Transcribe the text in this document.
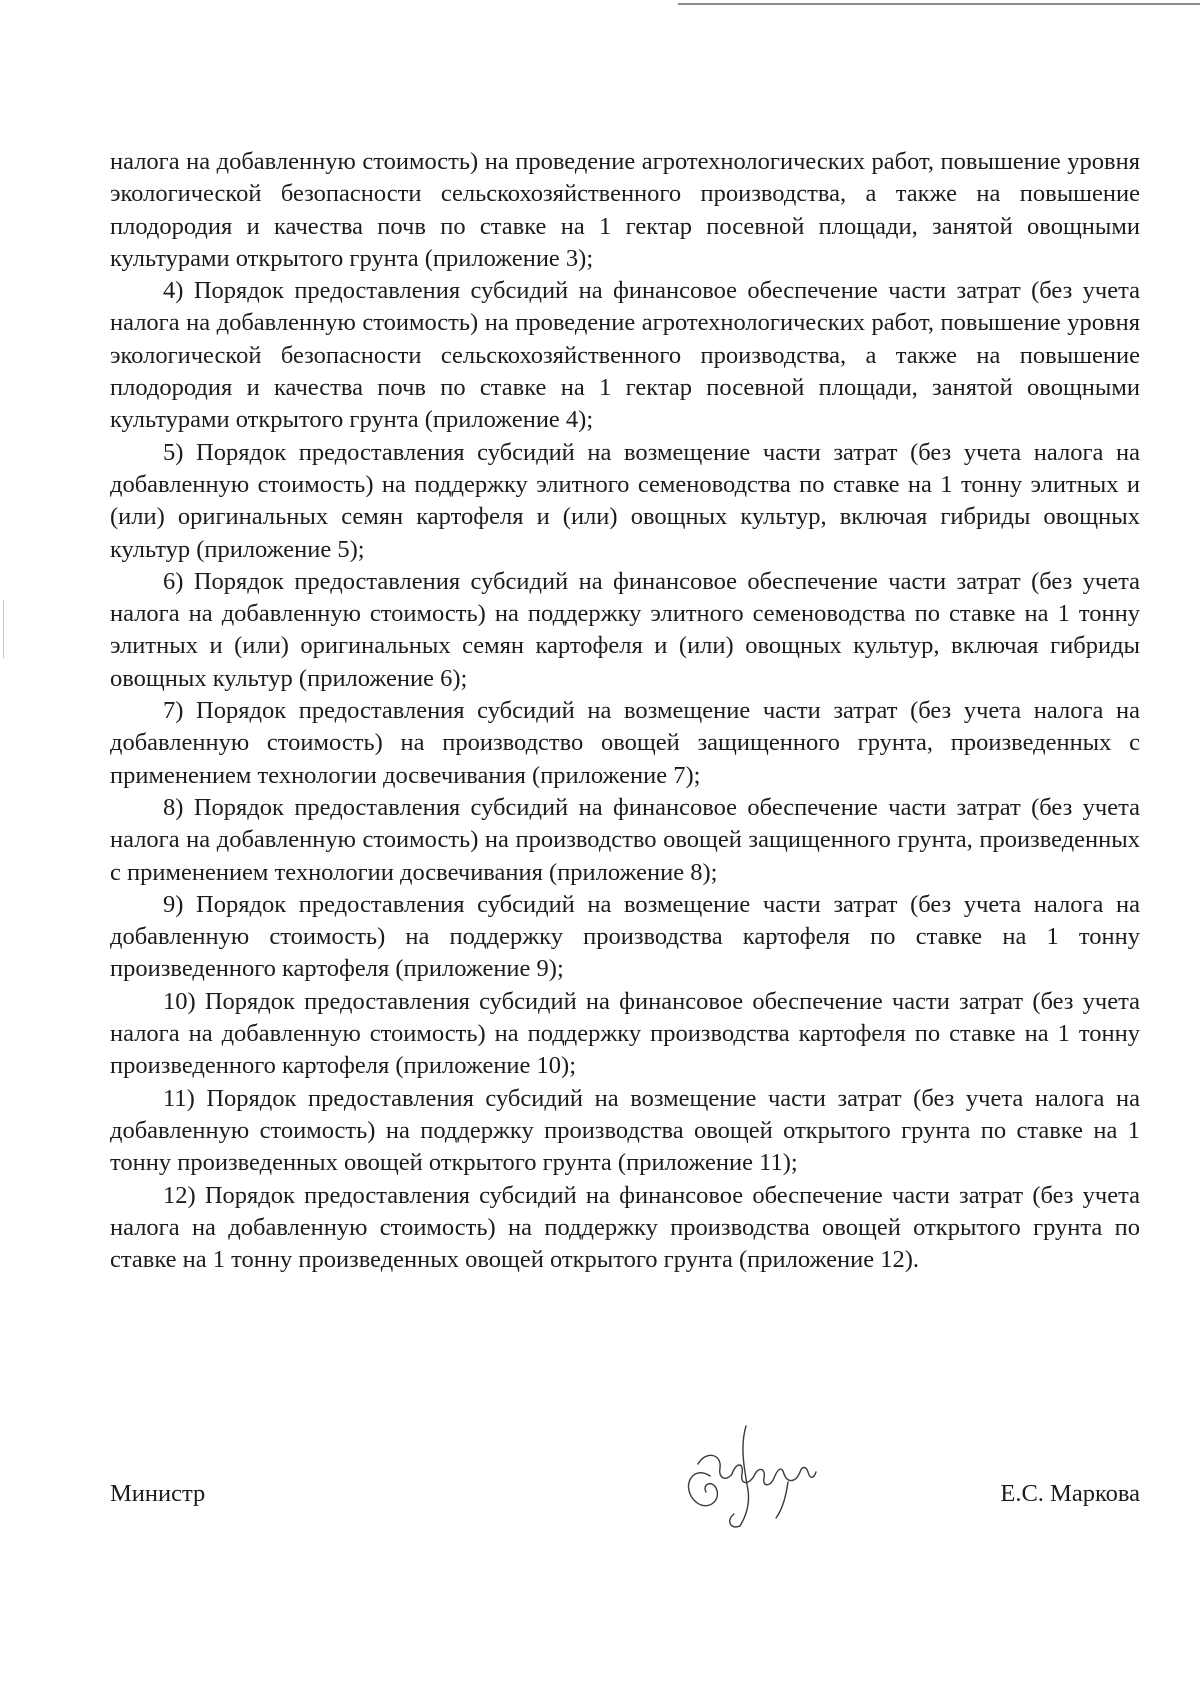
налога на добавленную стоимость) на проведение агротехнологических работ, повышение уровня экологической безопасности сельскохозяйственного производства, а также на повышение плодородия и качества почв по ставке на 1 гектар посевной площади, занятой овощными культурами открытого грунта (приложение 3);

4) Порядок предоставления субсидий на финансовое обеспечение части затрат (без учета налога на добавленную стоимость) на проведение агротехнологических работ, повышение уровня экологической безопасности сельскохозяйственного производства, а также на повышение плодородия и качества почв по ставке на 1 гектар посевной площади, занятой овощными культурами открытого грунта (приложение 4);

5) Порядок предоставления субсидий на возмещение части затрат (без учета налога на добавленную стоимость) на поддержку элитного семеноводства по ставке на 1 тонну элитных и (или) оригинальных семян картофеля и (или) овощных культур, включая гибриды овощных культур (приложение 5);

6) Порядок предоставления субсидий на финансовое обеспечение части затрат (без учета налога на добавленную стоимость) на поддержку элитного семеноводства по ставке на 1 тонну элитных и (или) оригинальных семян картофеля и (или) овощных культур, включая гибриды овощных культур (приложение 6);

7) Порядок предоставления субсидий на возмещение части затрат (без учета налога на добавленную стоимость) на производство овощей защищенного грунта, произведенных с применением технологии досвечивания (приложение 7);

8) Порядок предоставления субсидий на финансовое обеспечение части затрат (без учета налога на добавленную стоимость) на производство овощей защищенного грунта, произведенных с применением технологии досвечивания (приложение 8);

9) Порядок предоставления субсидий на возмещение части затрат (без учета налога на добавленную стоимость) на поддержку производства картофеля по ставке на 1 тонну произведенного картофеля (приложение 9);

10) Порядок предоставления субсидий на финансовое обеспечение части затрат (без учета налога на добавленную стоимость) на поддержку производства картофеля по ставке на 1 тонну произведенного картофеля (приложение 10);

11) Порядок предоставления субсидий на возмещение части затрат (без учета налога на добавленную стоимость) на поддержку производства овощей открытого грунта по ставке на 1 тонну произведенных овощей открытого грунта (приложение 11);

12) Порядок предоставления субсидий на финансовое обеспечение части затрат (без учета налога на добавленную стоимость) на поддержку производства овощей открытого грунта по ставке на 1 тонну произведенных овощей открытого грунта (приложение 12).

Министр	Е.С. Маркова
